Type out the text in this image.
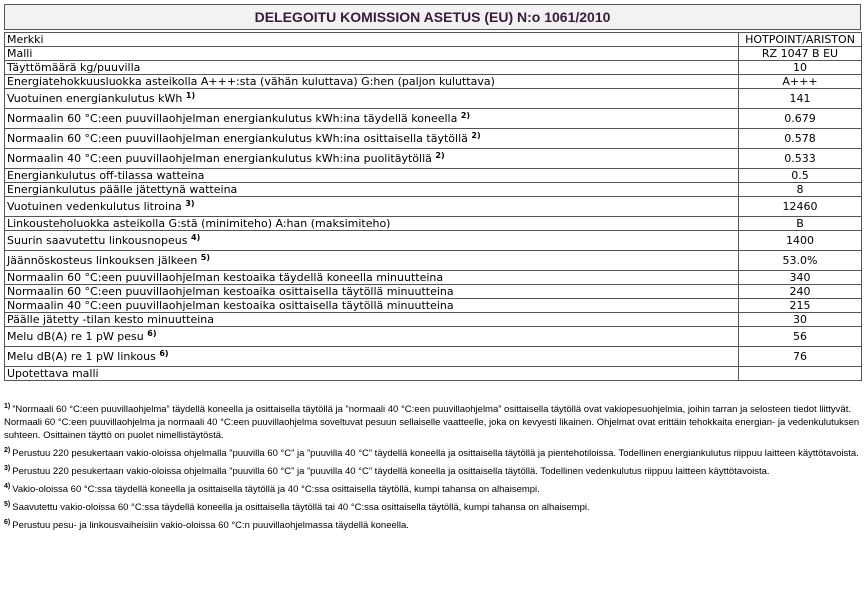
DELEGOITU KOMISSION ASETUS (EU) N:o 1061/2010
Merkki	HOTPOINT/ARISTON
Malli	RZ 1047 B EU
Täyttömäärä kg/puuvilla	10
Energiatehokkuusluokka asteikolla A+++:sta (vähän kuluttava) G:hen (paljon kuluttava)	A+++
Vuotuinen energiankulutus kWh $^{1)}$	141
Normaalin 60 °C:een puuvillaohjelman energiankulutus kWh:ina täydellä koneella $^{2)}$	0.679
Normaalin 60 °C:een puuvillaohjelman energiankulutus kWh:ina osittaisella täytöllä $^{2)}$	0.578
Normaalin 40 °C:een puuvillaohjelman energiankulutus kWh:ina puolitäytöllä $^{2)}$	0.533
Energiankulutus off-tilassa watteina	0.5
Energiankulutus päälle jätettynä watteina	8
Vuotuinen vedenkulutus litroina $^{3)}$	12460
Linkousteholuokka asteikolla G:stä (minimiteho) A:han (maksimiteho)	B
Suurin saavutettu linkousnopeus $^{4)}$	1400
Jäännöskosteus linkouksen jälkeen $^{5)}$	53.0%
Normaalin 60 °C:een puuvillaohjelman kestoaika täydellä koneella minuutteina	340
Normaalin 60 °C:een puuvillaohjelman kestoaika osittaisella täytöllä minuutteina	240
Normaalin 40 °C:een puuvillaohjelman kestoaika osittaisella täytöllä minuutteina	215
Päälle jätetty -tilan kesto minuutteina	30
Melu dB(A) re 1 pW pesu $^{6)}$	56
Melu dB(A) re 1 pW linkous $^{6)}$	76
Upotettava malli	
$^{1)}$ ”Normaali 60 °C:een puuvillaohjelma” täydellä koneella ja osittaisella täytöllä ja ”normaali 40 °C:een puuvillaohjelma” osittaisella täytöllä ovat vakiopesuohjelmia, joihin tarran ja selosteen tiedot liittyvät. Normaali 60 °C:een puuvillaohjelma ja normaali 40 °C:een puuvillaohjelma soveltuvat pesuun sellaiselle vaatteelle, joka on kevyesti likainen. Ohjelmat ovat erittäin tehokkaita energian- ja vedenkulutuksen suhteen. Osittainen täyttö on puolet nimellistäytöstä.
$^{2)}$ Perustuu 220 pesukertaan vakio-oloissa ohjelmalla ”puuvilla 60 °C” ja ”puuvilla 40 °C” täydellä koneella ja osittaisella täytöllä ja pientehotiloissa. Todellinen energiankulutus riippuu laitteen käyttötavoista.
$^{3)}$ Perustuu 220 pesukertaan vakio-oloissa ohjelmalla ”puuvilla 60 °C” ja ”puuvilla 40 °C” täydellä koneella ja osittaisella täytöllä. Todellinen vedenkulutus riippuu laitteen käyttötavoista.
$^{4)}$ Vakio-oloissa 60 °C:ssa täydellä koneella ja osittaisella täytöllä ja 40 °C:ssa osittaisella täytöllä, kumpi tahansa on alhaisempi.
$^{5)}$ Saavutettu vakio-oloissa 60 °C:ssa täydellä koneella ja osittaisella täytöllä tai 40 °C:ssa osittaisella täytöllä, kumpi tahansa on alhaisempi.
$^{6)}$ Perustuu pesu- ja linkousvaiheisiin vakio-oloissa 60 °C:n puuvillaohjelmassa täydellä koneella.
